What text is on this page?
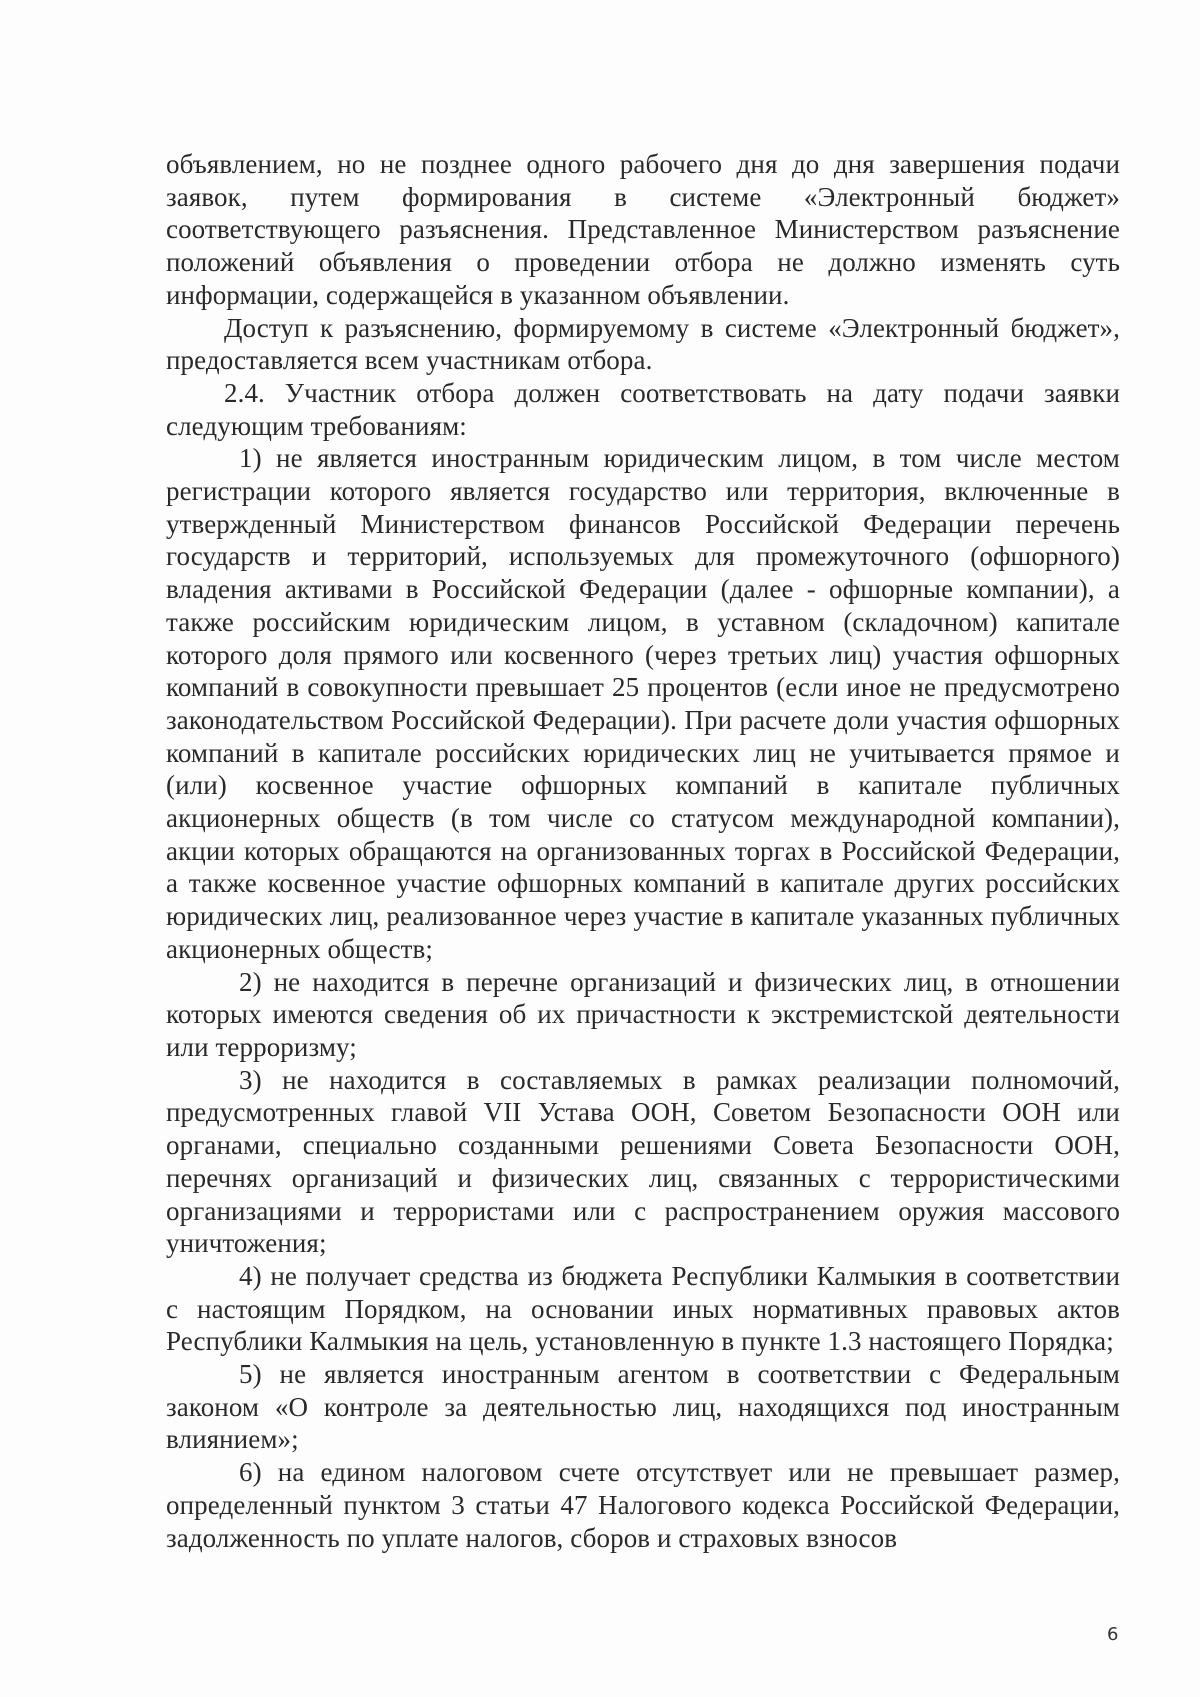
объявлением, но не позднее одного рабочего дня до дня завершения подачи заявок, путем формирования в системе «Электронный бюджет» соответствующего разъяснения. Представленное Министерством разъяснение положений объявления о проведении отбора не должно изменять суть информации, содержащейся в указанном объявлении.

Доступ к разъяснению, формируемому в системе «Электронный бюджет», предоставляется всем участникам отбора.

2.4. Участник отбора должен соответствовать на дату подачи заявки следующим требованиям:

1) не является иностранным юридическим лицом, в том числе местом регистрации которого является государство или территория, включенные в утвержденный Министерством финансов Российской Федерации перечень государств и территорий, используемых для промежуточного (офшорного) владения активами в Российской Федерации (далее - офшорные компании), а также российским юридическим лицом, в уставном (складочном) капитале которого доля прямого или косвенного (через третьих лиц) участия офшорных компаний в совокупности превышает 25 процентов (если иное не предусмотрено законодательством Российской Федерации). При расчете доли участия офшорных компаний в капитале российских юридических лиц не учитывается прямое и (или) косвенное участие офшорных компаний в капитале публичных акционерных обществ (в том числе со статусом международной компании), акции которых обращаются на организованных торгах в Российской Федерации, а также косвенное участие офшорных компаний в капитале других российских юридических лиц, реализованное через участие в капитале указанных публичных акционерных обществ;

2) не находится в перечне организаций и физических лиц, в отношении которых имеются сведения об их причастности к экстремистской деятельности или терроризму;

3) не находится в составляемых в рамках реализации полномочий, предусмотренных главой VII Устава ООН, Советом Безопасности ООН или органами, специально созданными решениями Совета Безопасности ООН, перечнях организаций и физических лиц, связанных с террористическими организациями и террористами или с распространением оружия массового уничтожения;

4) не получает средства из бюджета Республики Калмыкия в соответствии с настоящим Порядком, на основании иных нормативных правовых актов Республики Калмыкия на цель, установленную в пункте 1.3 настоящего Порядка;

5) не является иностранным агентом в соответствии с Федеральным законом «О контроле за деятельностью лиц, находящихся под иностранным влиянием»;

6) на едином налоговом счете отсутствует или не превышает размер, определенный пунктом 3 статьи 47 Налогового кодекса Российской Федерации, задолженность по уплате налогов, сборов и страховых взносов

6
